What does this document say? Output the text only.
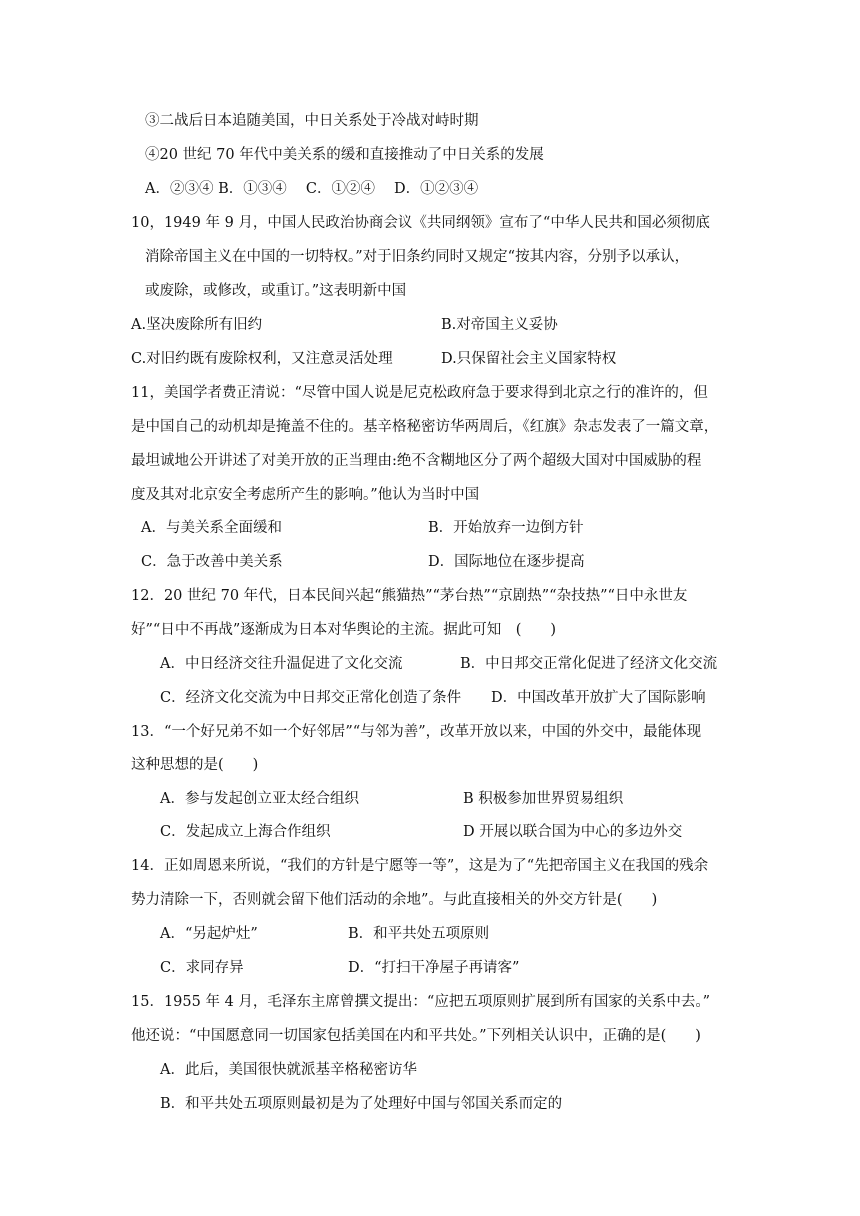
③二战后日本追随美国，中日关系处于冷战对峙时期
④20 世纪 70 年代中美关系的缓和直接推动了中日关系的发展
A．②③④ B．①③④　 C．①②④　 D．①②③④
10，1949 年 9 月，中国人民政治协商会议《共同纲领》宣布了“中华人民共和国必须彻底
消除帝国主义在中国的一切特权。”对于旧条约同时又规定“按其内容，分别予以承认，
或废除，或修改，或重订。”这表明新中国
A.坚决废除所有旧约	B.对帝国主义妥协
C.对旧约既有废除权利，又注意灵活处理	D.只保留社会主义国家特权
11，美国学者费正清说：“尽管中国人说是尼克松政府急于要求得到北京之行的准许的，但
是中国自己的动机却是掩盖不住的。基辛格秘密访华两周后，《红旗》杂志发表了一篇文章，
最坦诚地公开讲述了对美开放的正当理由:绝不含糊地区分了两个超级大国对中国威胁的程
度及其对北京安全考虑所产生的影响。”他认为当时中国
A．与美关系全面缓和	B．开始放弃一边倒方针
C．急于改善中美关系	D．国际地位在逐步提高
12．20 世纪 70 年代，日本民间兴起“熊猫热”“茅台热”“京剧热”“杂技热”“日中永世友
好”“日中不再战”逐渐成为日本对华舆论的主流。据此可知　(　　)
A．中日经济交往升温促进了文化交流	B．中日邦交正常化促进了经济文化交流
C．经济文化交流为中日邦交正常化创造了条件 D．中国改革开放扩大了国际影响
13．“一个好兄弟不如一个好邻居”“与邻为善”，改革开放以来，中国的外交中，最能体现
这种思想的是(　　)
A．参与发起创立亚太经合组织	B 积极参加世界贸易组织
C．发起成立上海合作组织	D 开展以联合国为中心的多边外交
14．正如周恩来所说，“我们的方针是宁愿等一等”，这是为了“先把帝国主义在我国的残余
势力清除一下，否则就会留下他们活动的余地”。与此直接相关的外交方针是(　　)
A．“另起炉灶”	B．和平共处五项原则
C．求同存异	D．“打扫干净屋子再请客”
15．1955 年 4 月，毛泽东主席曾撰文提出：“应把五项原则扩展到所有国家的关系中去。”
他还说：“中国愿意同一切国家包括美国在内和平共处。”下列相关认识中，正确的是(　　)
A．此后，美国很快就派基辛格秘密访华
B．和平共处五项原则最初是为了处理好中国与邻国关系而定的
